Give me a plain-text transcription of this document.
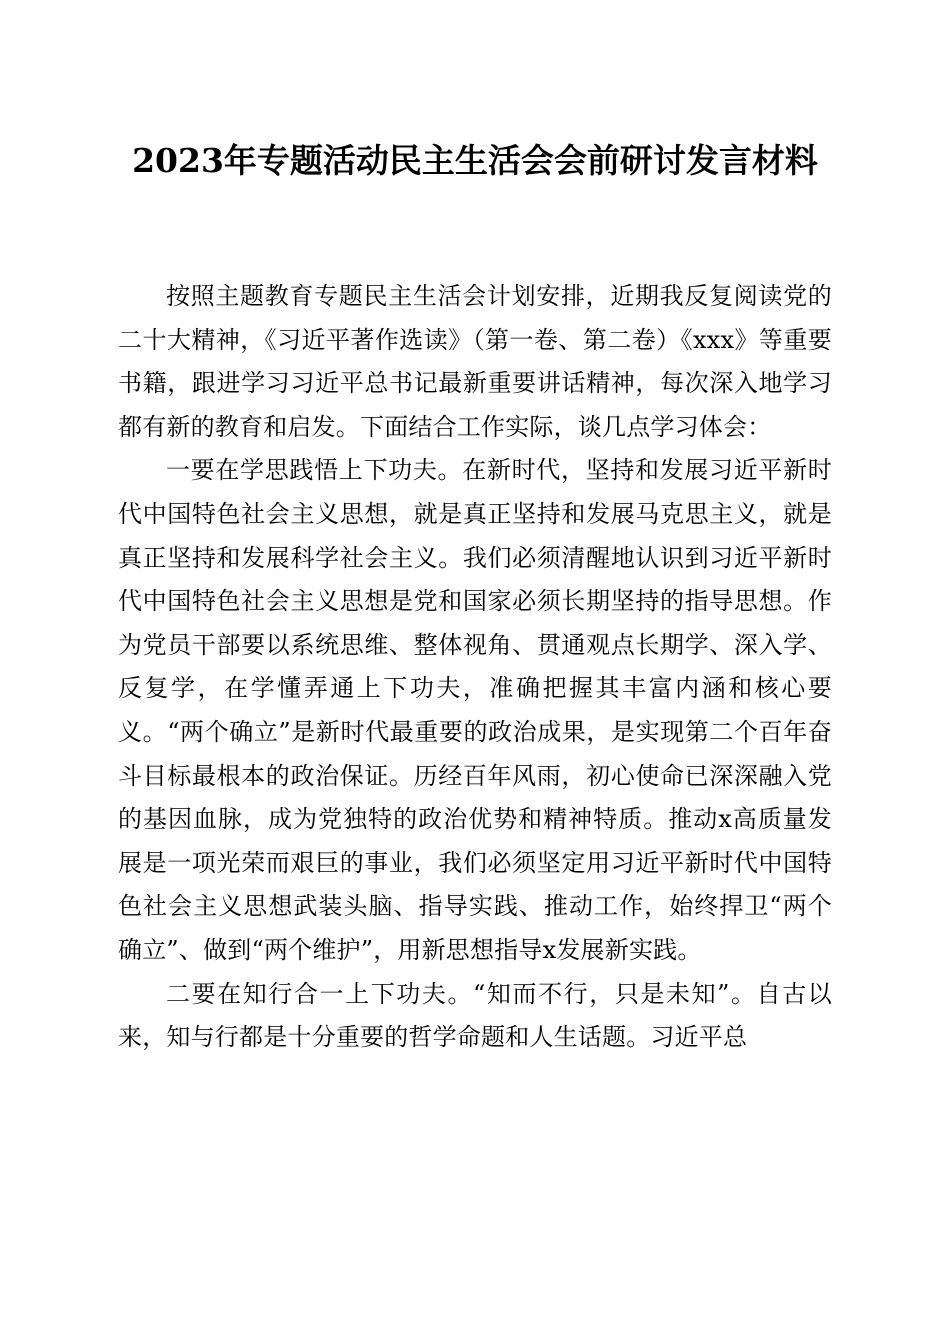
2023年专题活动民主生活会会前研讨发言材料

按照主题教育专题民主生活会计划安排，近期我反复阅读党的二十大精神，《习近平著作选读》（第一卷、第二卷）《xxx》等重要书籍，跟进学习习近平总书记最新重要讲话精神，每次深入地学习都有新的教育和启发。下面结合工作实际，谈几点学习体会：

一要在学思践悟上下功夫。在新时代，坚持和发展习近平新时代中国特色社会主义思想，就是真正坚持和发展马克思主义，就是真正坚持和发展科学社会主义。我们必须清醒地认识到习近平新时代中国特色社会主义思想是党和国家必须长期坚持的指导思想。作为党员干部要以系统思维、整体视角、贯通观点长期学、深入学、反复学，在学懂弄通上下功夫，准确把握其丰富内涵和核心要义。“两个确立”是新时代最重要的政治成果，是实现第二个百年奋斗目标最根本的政治保证。历经百年风雨，初心使命已深深融入党的基因血脉，成为党独特的政治优势和精神特质。推动x高质量发展是一项光荣而艰巨的事业，我们必须坚定用习近平新时代中国特色社会主义思想武装头脑、指导实践、推动工作，始终捍卫“两个确立”、做到“两个维护”，用新思想指导x发展新实践。

二要在知行合一上下功夫。“知而不行，只是未知”。自古以来，知与行都是十分重要的哲学命题和人生话题。习近平总
